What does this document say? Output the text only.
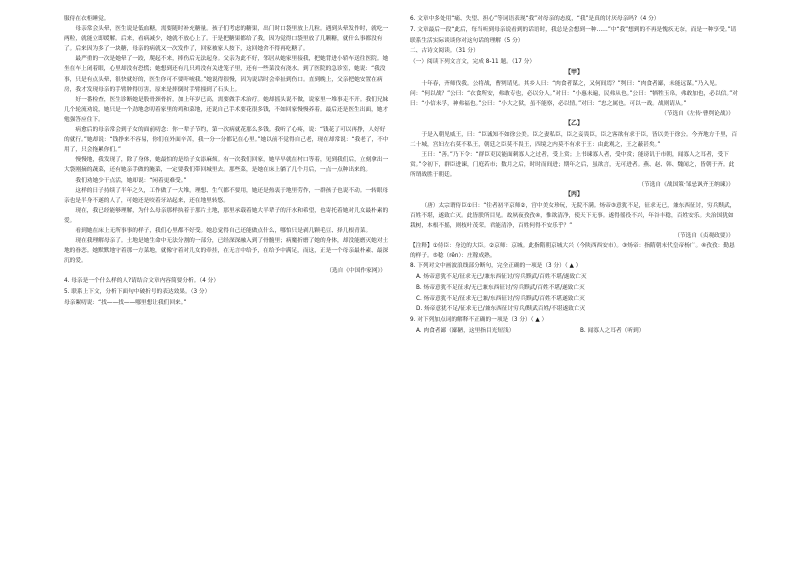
服侍在衣柜睡觉。

母亲常会头晕，医生说是低血糖，需要随时补充糖量。孩子们考虑的糖果，出门时口袋里放上几粒。遇到头晕发作时，就吃一两粒，就能立即缓解。后来，看病减少，她就不放心上了。于是把糖果都给了我，因为觉得口袋里放了几颗糖，就什么事都没有了。后来因为多了一块糖，母亲的病就又一次发作了，回家被家人按下，这回她舍不得再吃糖了。

最严重的一次是她晕了一跤，爬起不来，摔伤后无法起身。父亲为此不好，邻居从她家里接我，把她背进小轿车送往医院。她坐在车上闭着眼，心里却没有恐慌；她想到还有几只鸡没有关进笼子里，还有一些菜没有浇水。到了医院的急诊室，她说：“我没事，只是有点头晕，很快就好的，医生你可不要吓唬我。”她说得很慢，因为说话时会牵扯到伤口。直到晚上，父亲把她安置在病房，我才发现母亲的手臂肿得厉害，原来是摔倒时手臂撞到了石头上。

好一番检查，医生诊断她是股骨颈骨折，加上年岁已高，需要做手术治疗。她却摇头说不做，说家里一堆事走不开。我们兄妹几个轮流劝说，她只是一个劲地念叨着家里的鸡和菜地，还说自己手术要花很多钱，不如回家慢慢养着。最后还是医生出面，她才勉强答应住下。

病愈后的母亲常会到子女的面前叨念：你一辈子节约，第一次病就花那么多钱。我听了心疼，说：“钱花了可以再挣，人好好的就行。”她却说：“钱挣来不容易，你们在外面辛苦，我一分一分都记在心里。”她以前不觉得自己老，现在却常说：“我老了，不中用了，只会拖累你们。”

慢慢地，我发现了，除了身体，她最怕的是给子女添麻烦。有一次我们回家，她早早就在村口等着，见到我们后，立刻拿出一大袋刚摘的蔬菜，还有她亲手做的腌菜，一定要我们带回城里去。那些菜，是她在床上躺了几个月后，一点一点种出来的。

我们劝她少干点活，她却说：“闲着更难受。”

这样的日子持续了半年之久，工作做了一大堆，理想、生气都不要用，她还是热衷于地里劳作，一群孩子也说不动。一转眼母亲也是半身不遂的人了，可她还是咬着牙站起来，还在地里转悠。

现在，我已经能够理解，为什么母亲那样执着于那片土地，那里承载着她大半辈子的汗水和希望，也寄托着她对儿女最朴素的爱。

看到她在床上无所事事的样子，我们心里都不好受。她总觉得自己还能做点什么，哪怕只是剥几颗毛豆、择几根青菜。

现在我理解母亲了。土地是她生命中无法分割的一部分，已经深深融入到了骨髓里；病魔折磨了她的身体，却没能磨灭她对土地的眷恋。她默默地守着那一方菜地，就像守着对儿女的牵挂，在无言中给予，在给予中满足，而这，正是一个母亲最朴素、最深沉的爱。

（选自《中国作家网》）

4. 母亲是一个什么样的人?请结合文章内容简要分析。（4 分）

5. 联系上下文，分析下面句中破折号的表达效果。（3 分）

母亲絮叨说：“找——找——哪里想让我们回来。”

6. 文章中多处用“痛、失望、担心”等词语表现“我”对母亲的态度，“我”是真的讨厌母亲吗?（4 分）

7. 文章最后一段“此后，每当听到母亲说看到的话语时，我总是会想到一种……”中“我”想到的不再是愧疚无奈，而是一种享受。”请联系生活实际谈谈你对这句话的理解（5 分）

二、古诗文阅读。（31 分）

（一）阅读下列文言文，完成 8-11 题。（17 分）

【甲】

十年春，齐师伐我。公将战，曹刿请见。其乡人曰：“肉食者谋之，又何间焉？”刿曰：“肉食者鄙，未能远谋。”乃入见。问：“何以战？”公曰：“衣食所安，弗敢专也，必以分人。”对曰：“小惠未遍，民弗从也。”公曰：“牺牲玉帛，弗敢加也，必以信。”对曰：“小信未孚，神弗福也。”公曰：“小大之狱，虽不能察，必以情。”对曰：“忠之属也。可以一战。战则请从。”

（节选自《左传·曹刿论战》）

【乙】

于是入朝见威王，曰：“臣诚知不如徐公美。臣之妻私臣，臣之妾畏臣，臣之客欲有求于臣，皆以美于徐公。今齐地方千里，百二十城，宫妇左右莫不私王，朝廷之臣莫不畏王，四境之内莫不有求于王：由此观之，王之蔽甚矣。”

王曰：“善。”乃下令：“群臣吏民能面刺寡人之过者，受上赏；上书谏寡人者，受中赏；能谤讥于市朝，闻寡人之耳者，受下赏。”令初下，群臣进谏，门庭若市；数月之后，时时而间进；期年之后，虽欲言，无可进者。燕、赵、韩、魏闻之，皆朝于齐。此所谓战胜于朝廷。

（节选自《战国策·邹忌讽齐王纳谏》）

【丙】

（唐）太宗谓侍臣①曰：“往者初平京师②，宫中美女珍玩，无院不满。炀帝③意犹不足，征求无已，兼东西征讨，穷兵黩武，百姓不堪，遂致亡灭。此皆朕所目见。故夙夜孜孜④，惟欲清净，使天下无事。遂得徭役不兴，年谷丰稔，百姓安乐。夫治国犹如栽树，本根不摇，则枝叶茂荣。君能清净，百姓何得不安乐乎？”

（节选自《贞观政要》）

【注释】①侍臣：身边的大臣。②京师：京城。此指隋朝京城大兴（今陕西西安市）。③炀帝：指隋朝末代皇帝杨广。④孜孜：勤恳的样子。⑤稔（rěn）：庄稼成熟。

8. 下列对文中画波浪线部分断句，完全正确的一项是（3 分）（ ▲ ）

A. 炀帝意犹不足/征求无已/兼东西征讨/穷兵黩武/百姓不堪/遂致亡灭

B. 炀帝意犹不足征求/无已兼东西征讨/穷兵黩武/百姓不堪/遂致亡灭

C. 炀帝意犹不足/征求无已兼/东西征讨/穷兵黩武/百姓不堪遂致亡灭

D. 炀帝意犹不足/征求无已/兼东西征讨穷兵/黩武百姓/不堪遂致亡灭

9. 对下列加点词的解释不正确的一项是（3 分）（ ▲ ）

A. 肉食者鄙（鄙陋，这里指目光短浅）	B. 闻寡人之耳者（听到）
